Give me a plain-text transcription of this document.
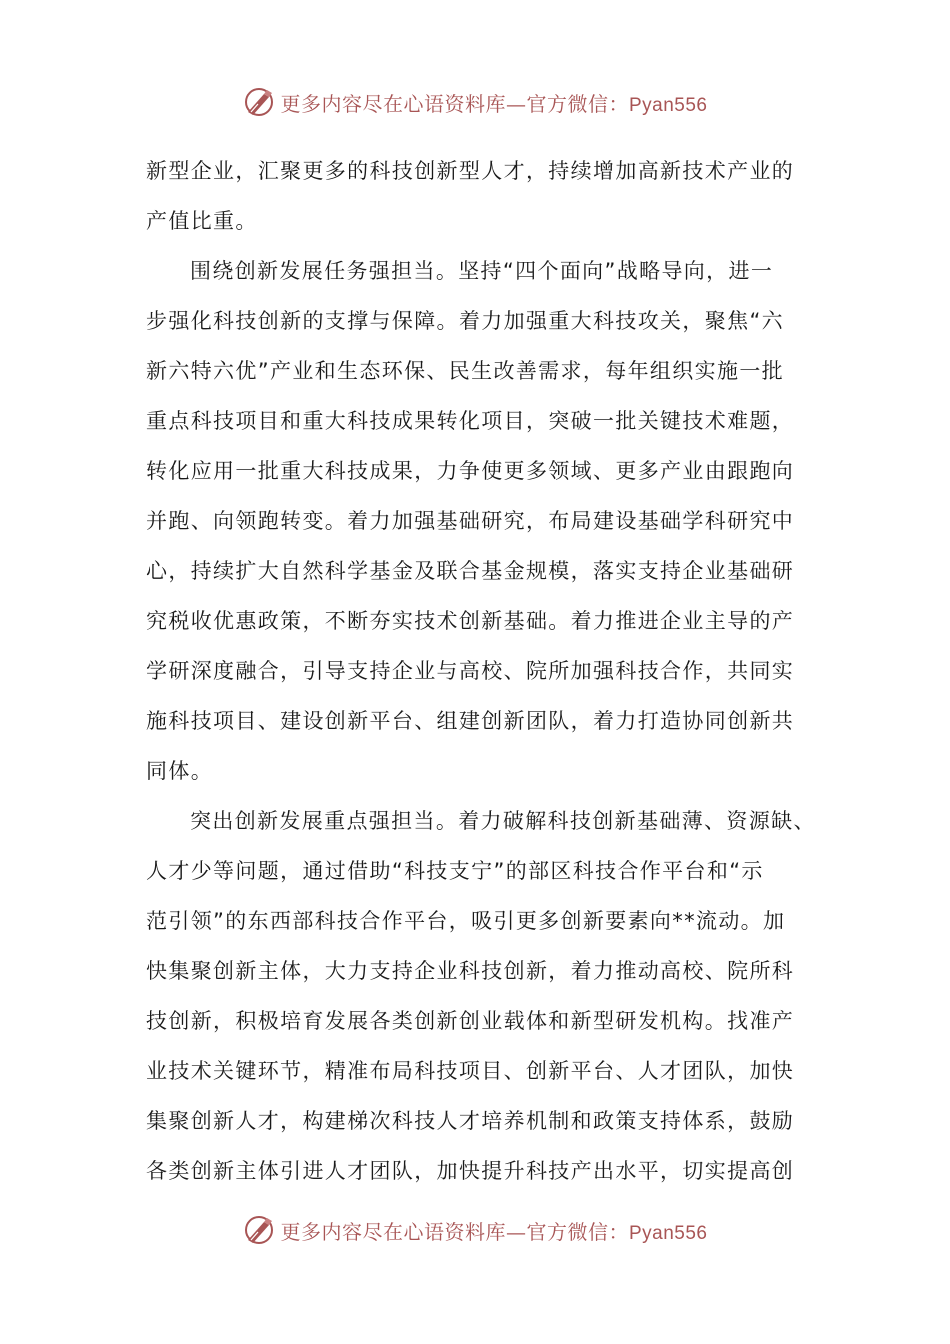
更多内容尽在心语资料库—官方微信：Pyan556
新型企业，汇聚更多的科技创新型人才，持续增加高新技术产业的
产值比重。
围绕创新发展任务强担当。坚持“四个面向”战略导向，进一
步强化科技创新的支撑与保障。着力加强重大科技攻关，聚焦“六
新六特六优”产业和生态环保、民生改善需求，每年组织实施一批
重点科技项目和重大科技成果转化项目，突破一批关键技术难题，
转化应用一批重大科技成果，力争使更多领域、更多产业由跟跑向
并跑、向领跑转变。着力加强基础研究，布局建设基础学科研究中
心，持续扩大自然科学基金及联合基金规模，落实支持企业基础研
究税收优惠政策，不断夯实技术创新基础。着力推进企业主导的产
学研深度融合，引导支持企业与高校、院所加强科技合作，共同实
施科技项目、建设创新平台、组建创新团队，着力打造协同创新共
同体。
突出创新发展重点强担当。着力破解科技创新基础薄、资源缺、
人才少等问题，通过借助“科技支宁”的部区科技合作平台和“示
范引领”的东西部科技合作平台，吸引更多创新要素向**流动。加
快集聚创新主体，大力支持企业科技创新，着力推动高校、院所科
技创新，积极培育发展各类创新创业载体和新型研发机构。找准产
业技术关键环节，精准布局科技项目、创新平台、人才团队，加快
集聚创新人才，构建梯次科技人才培养机制和政策支持体系，鼓励
各类创新主体引进人才团队，加快提升科技产出水平，切实提高创
更多内容尽在心语资料库—官方微信：Pyan556
